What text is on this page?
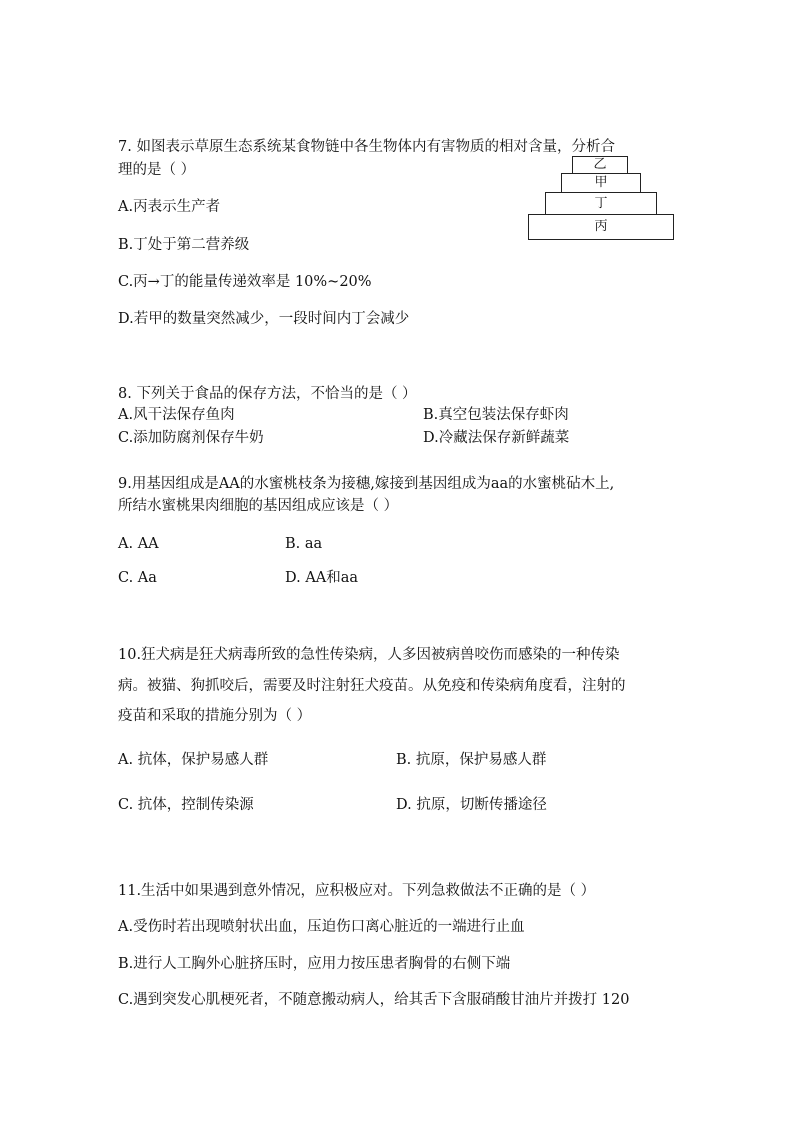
7. 如图表示草原生态系统某食物链中各生物体内有害物质的相对含量，分析合
理的是（ ）
A.丙表示生产者
B.丁处于第二营养级
C.丙→丁的能量传递效率是 10%~20%
D.若甲的数量突然减少，一段时间内丁会减少
乙
甲
丁
丙
8. 下列关于食品的保存方法，不恰当的是（ ）
A.风干法保存鱼肉	B.真空包装法保存虾肉
C.添加防腐剂保存牛奶	D.冷藏法保存新鲜蔬菜
9.用基因组成是AA的水蜜桃枝条为接穗,嫁接到基因组成为aa的水蜜桃砧木上,
所结水蜜桃果肉细胞的基因组成应该是（ ）
A. AA	B. aa
C. Aa	D. AA和aa
10.狂犬病是狂犬病毒所致的急性传染病，人多因被病兽咬伤而感染的一种传染
病。被猫、狗抓咬后，需要及时注射狂犬疫苗。从免疫和传染病角度看，注射的
疫苗和采取的措施分别为（ ）
A. 抗体，保护易感人群	B. 抗原，保护易感人群
C. 抗体，控制传染源	D. 抗原，切断传播途径
11.生活中如果遇到意外情况，应积极应对。下列急救做法不正确的是（ ）
A.受伤时若出现喷射状出血，压迫伤口离心脏近的一端进行止血
B.进行人工胸外心脏挤压时，应用力按压患者胸骨的右侧下端
C.遇到突发心肌梗死者，不随意搬动病人，给其舌下含服硝酸甘油片并拨打 120
